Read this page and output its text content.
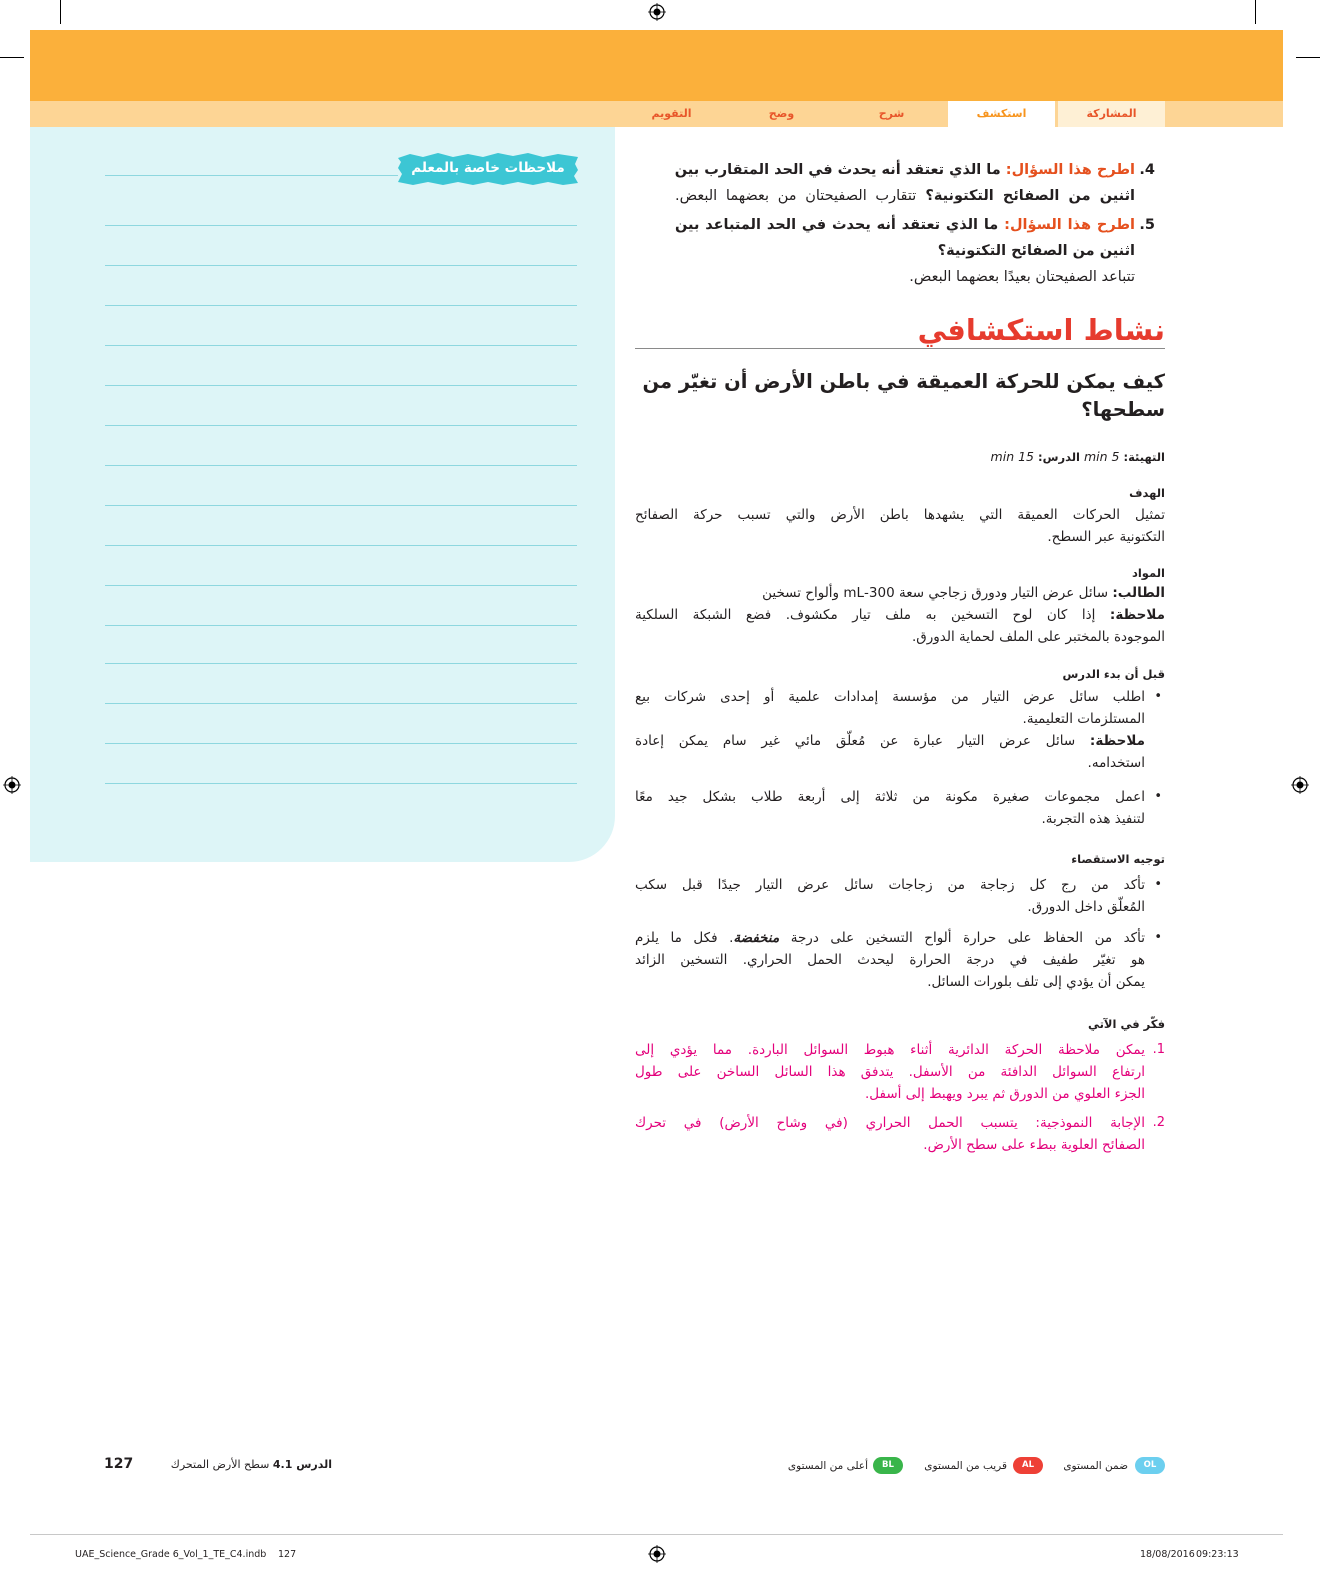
المشاركة
استكشف
شرح
وضح
التقويم
ملاحظات خاصة بالمعلم	4.
اطرح هذا السؤال: ما الذي تعتقد أنه يحدث في الحد المتقارب بين
اثنين من الصفائح التكتونية؟ تتقارب الصفيحتان من بعضهما البعض.
5.
اطرح هذا السؤال: ما الذي تعتقد أنه يحدث في الحد المتباعد بين
اثنين من الصفائح التكتونية؟
تتباعد الصفيحتان بعيدًا بعضهما البعض.
نشاط استكشافي
كيف يمكن للحركة العميقة في باطن الأرض أن تغيّر من
سطحها؟
التهيئة: 5 min الدرس: 15 min
الهدف
تمثيل الحركات العميقة التي يشهدها باطن الأرض والتي تسبب حركة الصفائح
التكتونية عبر السطح.
المواد
الطالب: سائل عرض التيار ودورق زجاجي سعة 300-mL وألواح تسخين
ملاحظة: إذا كان لوح التسخين به ملف تيار مكشوف. فضع الشبكة السلكية
الموجودة بالمختبر على الملف لحماية الدورق.
قبل أن بدء الدرس
•
اطلب سائل عرض التيار من مؤسسة إمدادات علمية أو إحدى شركات بيع
المستلزمات التعليمية.
ملاحظة: سائل عرض التيار عبارة عن مُعلّق مائي غير سام يمكن إعادة
استخدامه.
•
اعمل مجموعات صغيرة مكونة من ثلاثة إلى أربعة طلاب بشكل جيد معًا
لتنفيذ هذه التجربة.
توجيه الاستقصاء
•
تأكد من رج كل زجاجة من زجاجات سائل عرض التيار جيدًا قبل سكب
المُعلّق داخل الدورق.
•
تأكد من الحفاظ على حرارة ألواح التسخين على درجة منخفضة. فكل ما يلزم
هو تغيّر طفيف في درجة الحرارة ليحدث الحمل الحراري. التسخين الزائد
يمكن أن يؤدي إلى تلف بلورات السائل.
فكّر في الآتي
1.
يمكن ملاحظة الحركة الدائرية أثناء هبوط السوائل الباردة. مما يؤدي إلى
ارتفاع السوائل الدافئة من الأسفل. يتدفق هذا السائل الساخن على طول
الجزء العلوي من الدورق ثم يبرد ويهبط إلى أسفل.
2.
الإجابة النموذجية: يتسبب الحمل الحراري (في وشاح الأرض) في تحرك
الصفائح العلوية ببطء على سطح الأرض.
127	الدرس 4.1 سطح الأرض المتحرك	OL
ضمن المستوى
AL
قريب من المستوى
BL
أعلى من المستوى
UAE_Science_Grade 6_Vol_1_TE_C4.indb 127	18/08/2016 09:23:13
